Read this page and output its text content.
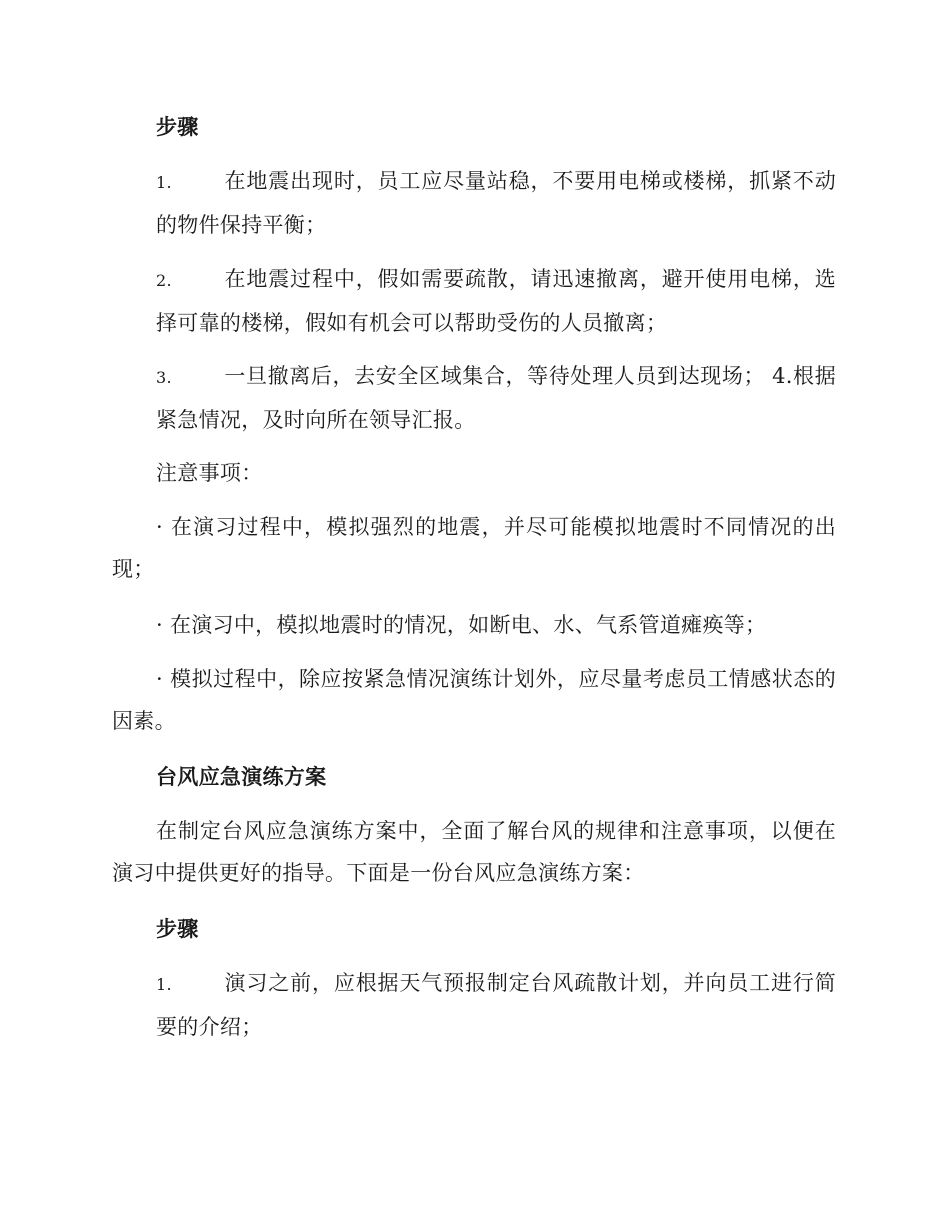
步骤

1. 在地震出现时，员工应尽量站稳，不要用电梯或楼梯，抓紧不动的物件保持平衡；

2. 在地震过程中，假如需要疏散，请迅速撤离，避开使用电梯，选择可靠的楼梯，假如有机会可以帮助受伤的人员撤离；

3. 一旦撤离后，去安全区域集合，等待处理人员到达现场； 4.根据紧急情况，及时向所在领导汇报。

注意事项：

· 在演习过程中，模拟强烈的地震，并尽可能模拟地震时不同情况的出现；

· 在演习中，模拟地震时的情况，如断电、水、气系管道瘫痪等；

· 模拟过程中，除应按紧急情况演练计划外，应尽量考虑员工情感状态的因素。

台风应急演练方案

在制定台风应急演练方案中，全面了解台风的规律和注意事项，以便在演习中提供更好的指导。下面是一份台风应急演练方案：

步骤

1. 演习之前，应根据天气预报制定台风疏散计划，并向员工进行简要的介绍；
